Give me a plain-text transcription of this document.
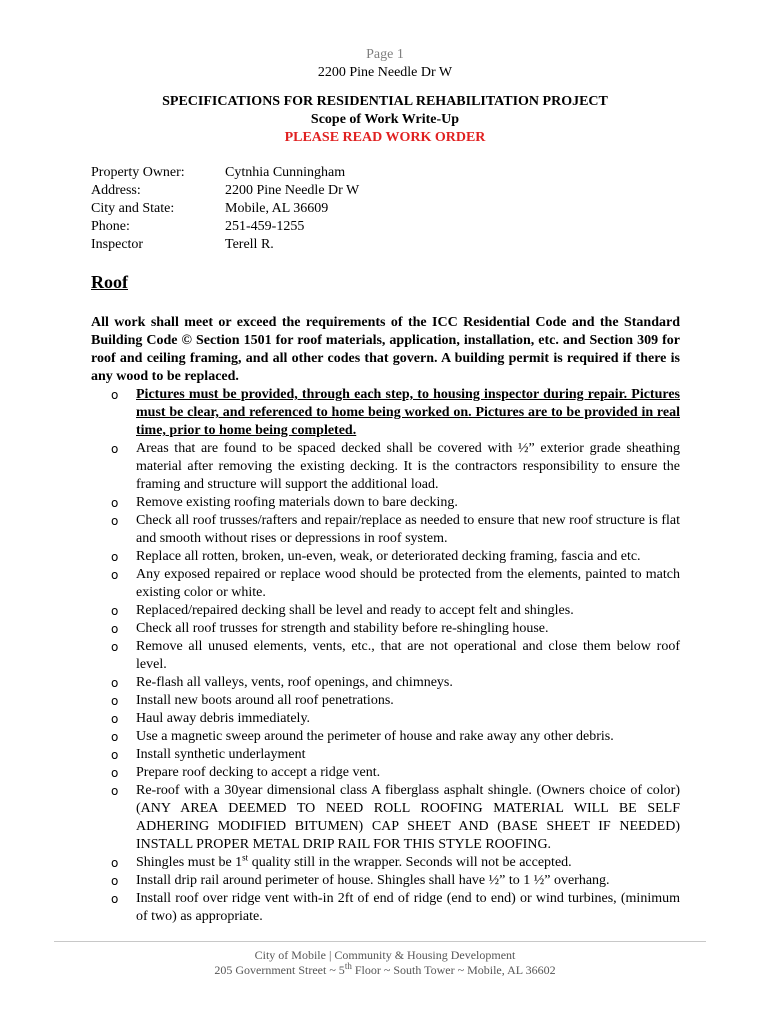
Page 1
2200 Pine Needle Dr W
SPECIFICATIONS FOR RESIDENTIAL REHABILITATION PROJECT
Scope of Work Write-Up
PLEASE READ WORK ORDER
Property Owner:	Cytnhia Cunningham
Address:	2200 Pine Needle Dr W
City and State:	Mobile, AL 36609
Phone:	251-459-1255
Inspector	Terell R.
Roof
All work shall meet or exceed the requirements of the ICC Residential Code and the Standard Building Code © Section 1501 for roof materials, application, installation, etc. and Section 309 for roof and ceiling framing, and all other codes that govern. A building permit is required if there is any wood to be replaced.
o	Pictures must be provided, through each step, to housing inspector during repair. Pictures must be clear, and referenced to home being worked on. Pictures are to be provided in real time, prior to home being completed.
o	Areas that are found to be spaced decked shall be covered with ½” exterior grade sheathing material after removing the existing decking. It is the contractors responsibility to ensure the framing and structure will support the additional load.
o	Remove existing roofing materials down to bare decking.
o	Check all roof trusses/rafters and repair/replace as needed to ensure that new roof structure is flat and smooth without rises or depressions in roof system.
o	Replace all rotten, broken, un-even, weak, or deteriorated decking framing, fascia and etc.
o	Any exposed repaired or replace wood should be protected from the elements, painted to match existing color or white.
o	Replaced/repaired decking shall be level and ready to accept felt and shingles.
o	Check all roof trusses for strength and stability before re-shingling house.
o	Remove all unused elements, vents, etc., that are not operational and close them below roof level.
o	Re-flash all valleys, vents, roof openings, and chimneys.
o	Install new boots around all roof penetrations.
o	Haul away debris immediately.
o	Use a magnetic sweep around the perimeter of house and rake away any other debris.
o	Install synthetic underlayment
o	Prepare roof decking to accept a ridge vent.
o	Re-roof with a 30year dimensional class A fiberglass asphalt shingle. (Owners choice of color) (ANY AREA DEEMED TO NEED ROLL ROOFING MATERIAL WILL BE SELF ADHERING MODIFIED BITUMEN) CAP SHEET AND (BASE SHEET IF NEEDED) INSTALL PROPER METAL DRIP RAIL FOR THIS STYLE ROOFING.
o	Shingles must be 1st quality still in the wrapper. Seconds will not be accepted.
o	Install drip rail around perimeter of house. Shingles shall have ½” to 1 ½” overhang.
o	Install roof over ridge vent with-in 2ft of end of ridge (end to end) or wind turbines, (minimum of two) as appropriate.
City of Mobile | Community & Housing Development
205 Government Street ~ 5th Floor ~ South Tower ~ Mobile, AL 36602
